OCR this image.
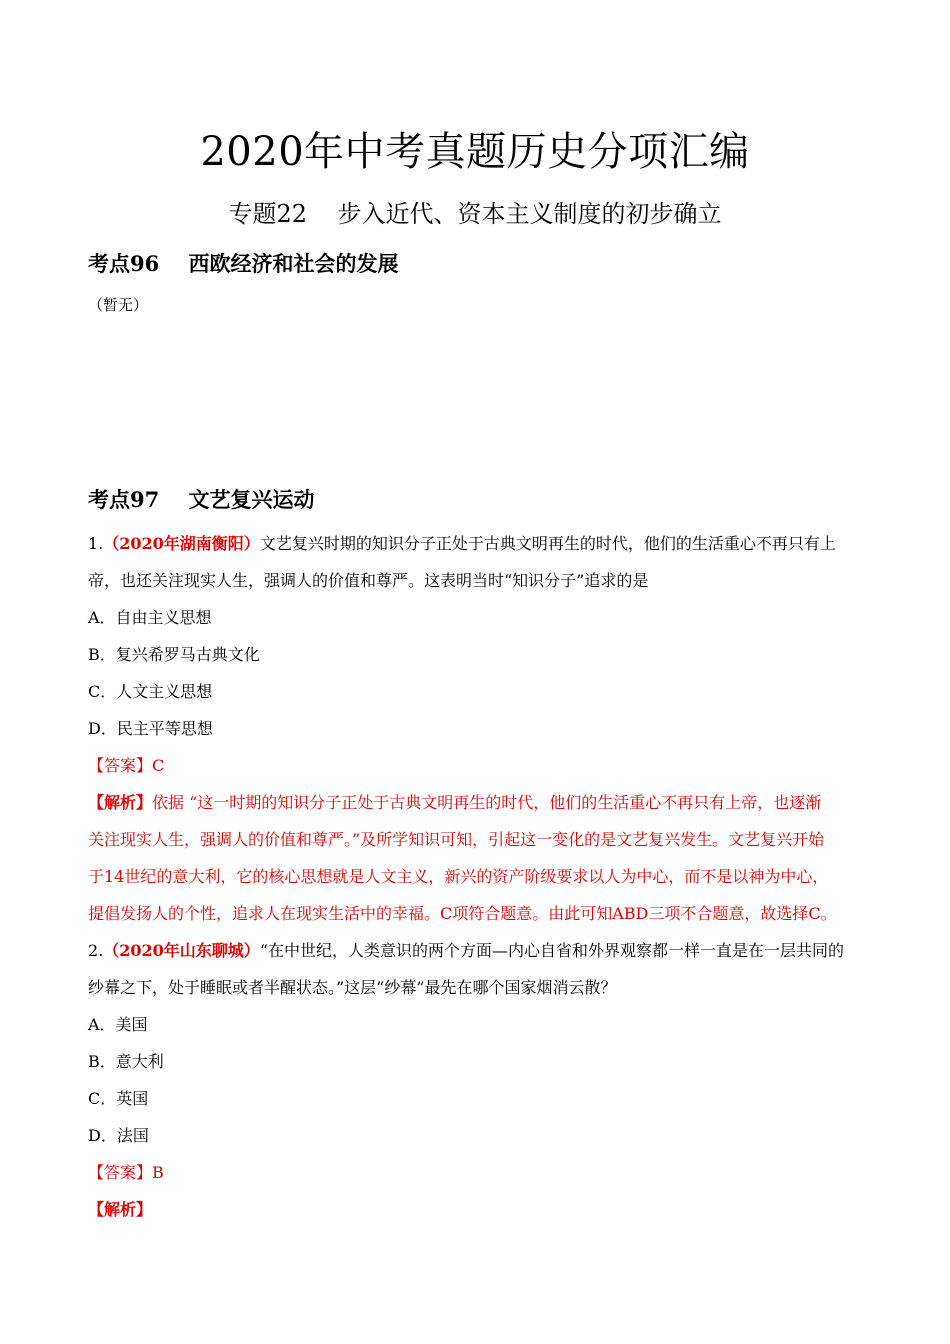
2020年中考真题历史分项汇编
专题22    步入近代、资本主义制度的初步确立
考点96    西欧经济和社会的发展
（暂无）
考点97    文艺复兴运动
1.（2020年湖南衡阳）文艺复兴时期的知识分子正处于古典文明再生的时代，他们的生活重心不再只有上
帝，也还关注现实人生，强调人的价值和尊严。这表明当时“知识分子”追求的是
A．自由主义思想
B．复兴希罗马古典文化
C．人文主义思想
D．民主平等思想
【答案】C
【解析】依据 “这一时期的知识分子正处于古典文明再生的时代，他们的生活重心不再只有上帝，也逐渐
关注现实人生，强调人的价值和尊严。”及所学知识可知，引起这一变化的是文艺复兴发生。文艺复兴开始
于14世纪的意大利，它的核心思想就是人文主义，新兴的资产阶级要求以人为中心，而不是以神为中心，
提倡发扬人的个性，追求人在现实生活中的幸福。C项符合题意。由此可知ABD三项不合题意，故选择C。
2.（2020年山东聊城）“在中世纪，人类意识的两个方面—内心自省和外界观察都一样一直是在一层共同的
纱幕之下，处于睡眠或者半醒状态。”这层“纱幕”最先在哪个国家烟消云散？
A．美国
B．意大利
C．英国
D．法国
【答案】B
【解析】
